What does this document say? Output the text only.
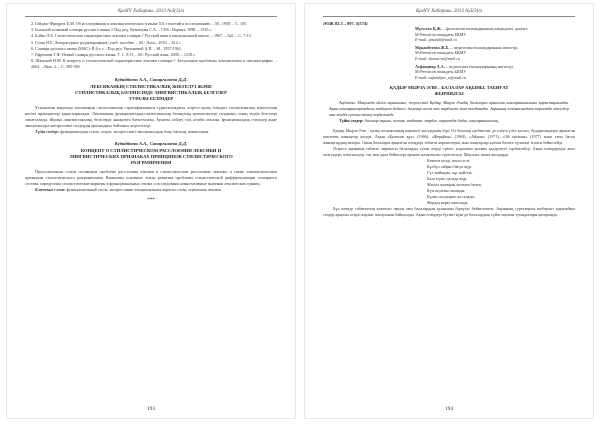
ҚазҰУ Хабаршы. 2013 №3(3)/а

2. Гойдаш-Фридрих Е.М. Об исследовании и лексикологических в языке ХХ столетий к исследованию. – М., 1958. – С. 105.

3. Большой толковый словарь русского языка // Под ред. Кузнецова С.А. – СПб.: Норинт, 1998. – 1535 с.

4. Бойко Л.Б. Стилистическая характеристика лексики словаря // Русский язык в национальной школе. – 1967. – №6. – С. 7-13.

5. Гуляк Н.Е. Литературное редактирование: учеб. пособие. – М.: Логос, 2010. – 612 с.

6. Словарь русского языка (МАС): В 4-х т. / Под ред. Евгеньевой А.П. – М., 1957-1961.

7. Ефремова Т.Ф. Новый словарь русского языка. Т. 1. А-О. – М.: Русский язык, 2000. – 1210 с.

8. Шанский Н.М. К вопросу о стилистической характеристике лексики словаря // Актуальные проблемы лексикологии и лексикографии. – 2004. – Вып. 2. – С. 385-390.

Кудайбаева А.А., Сапаргалиева Д.Д.
ЛЕКСИКАНЫҢ СТИЛИСТИКАЛЫҚ ЖІКТЕЛУІ ЖӘНЕ
СТИЛИСТИКАЛЫҚ БӨЛІНІСІНДЕ ЛИНГВИСТИКАЛЫҚ БЕЛГІЛЕР
ТУРАЛЫ БІЛІМДЕР

Ұсынылған мақалада лексиканың стилистикалық стратификациясы түркологиядағы, әсіресе қазақ тіліндегі стилистикалық жіктелуінің негізгі принциптері қарастырылады. Лексиканың функционалдық-стилистикалық бөлінуінің ерекшеліктері талданып, оның тілдік белгілері сипатталады. Жұмыс лингвистикалық белгілерді анықтауға бағытталған. Ауызекі сөйлеу тілі, кітаби лексика, функционалдық стильдер және эмоционалды-экспрессивті сөздердің арасындағы байланыс көрсетіледі.

Түйін сөздер: функционалдық стиль, сөздік, экспрессивті-эмоционалдық бояу, бағалау, коннотация.

Кудайбаева А.А., Сапаргалиева Д.Д.
КОНЦЕПТ О СТИЛИСТИЧЕСКОМ РАССЛОЕНИИ ЛЕКСИКИ И
ЛИНГВИСТИЧЕСКИХ ПРИЗНАКАХ ПРИНЦИПОВ СТИЛИСТИЧЕСКОГО
РАЗГРАНИЧЕНИЯ

Представленная статья посвящена проблеме расслоения лексики в стилистическом расслоении лексики, а также лингвистическим признакам стилистического разграничения. Выявлены основные этапы развития проблемы стилистической дифференциации словарного состава, определены стилистические маркеры в функциональных стилях и исследованы коннотативные значения лексических единиц.

Ключевые слова: функциональный стиль, экспрессивно-эмоциональная окраска слова, оценочная лексика.

***
193
ҚазҰУ Хабаршы. 2013 №3(3)/а
ӘОЖ 82.3 – 097. 5(574)
Мүтәлли Қ.Ж. – филология ғылымдарының кандидаты, доцент,
М.Өтемісов атындағы БҚМУ
E-mail: qmutali@mail.ru
Мұқанбетова Ж.Б. – педагогика ғылымдарының магистрі,
М.Өтемісов атындағы БҚМУ
E-mail: zhanar-m@mail.ru
Асфандияр А.А. – педагогика ғылымдарының магистрі,
М.Өтемісов атындағы БҚМУ
E-mail: asfandiyar_a@mail.ru
ҚАДЫР МЫРЗА ӘЛИ – БАЛАЛАР АҚЫНЫ, ТАБИҒАТ
ЖЫРШЫСЫ

Аңдатпа. Мақалада әйгілі ақынымыз, жерлесіміз Қадыр Мырза Әлидің балаларға арналған шығармашылығы қарастырылады. Ақын шығармаларындағы табиғат бейнесі, балалар әлемі мен тәрбиелік мәні талданады. Ақынның поэзиясындағы көркемдік тәсілдер мен тілдік ерекшеліктер зерделенеді.

Түйін сөздер: балалар ақыны, поэзия, табиғат, тәрбие, көркемдік бейне, шығармашылық.

Қадыр Мырза Әли – қазақ поэзиясының көрнекті өкілдерінің бірі. Ол балалар әдебиетіне де елеулі үлес қосып, бүлдіршіндерге арналған көптеген жинақтар жазды. Ақын «Қызғыш құс» (1966), «Жерұйық» (1969), «Айдын» (1971), «Ой орманы» (1977) және тағы басқа жинақтардың авторы. Оның балаларға арналған өлеңдері табиғат көріністерін, жан-жануарлар әлемін балаға түсінікті тілмен бейнелейді.

Әсіресе ақынның табиғат лирикасы балаларды туған жерді сүюге, қоршаған ортаны қадірлеуге тәрбиелейді. Ақын өлеңдерінде жыл мезгілдері, өзен-көлдер, тау мен дала бейнелері ерекше нәзіктікпен суреттеледі. Мысалы, мына жолдарда:

Көктем келді, көгал өсті,
Бұлбұл сайрап бағда жүр.
Гүл жайнады, құс қайтты,
Бала күліп далада жүр.
Жасыл жапырақ желмен билеп,
Күн шуағын шашады.
Бұлақ сылдырап ән салады,
Жердің көркі ашылады.

Бұл өлеңде табиғаттың көктемгі оянуы мен балалардың қуанышы біртұтас бейнеленген. Ақынның суреткерлік шеберлігі қарапайым сөздер арқылы әсерлі көрініс жасауынан байқалады. Ақын өлеңдері бүгінгі күні де балалардың сүйіп оқитын туындылары қатарында.

194
